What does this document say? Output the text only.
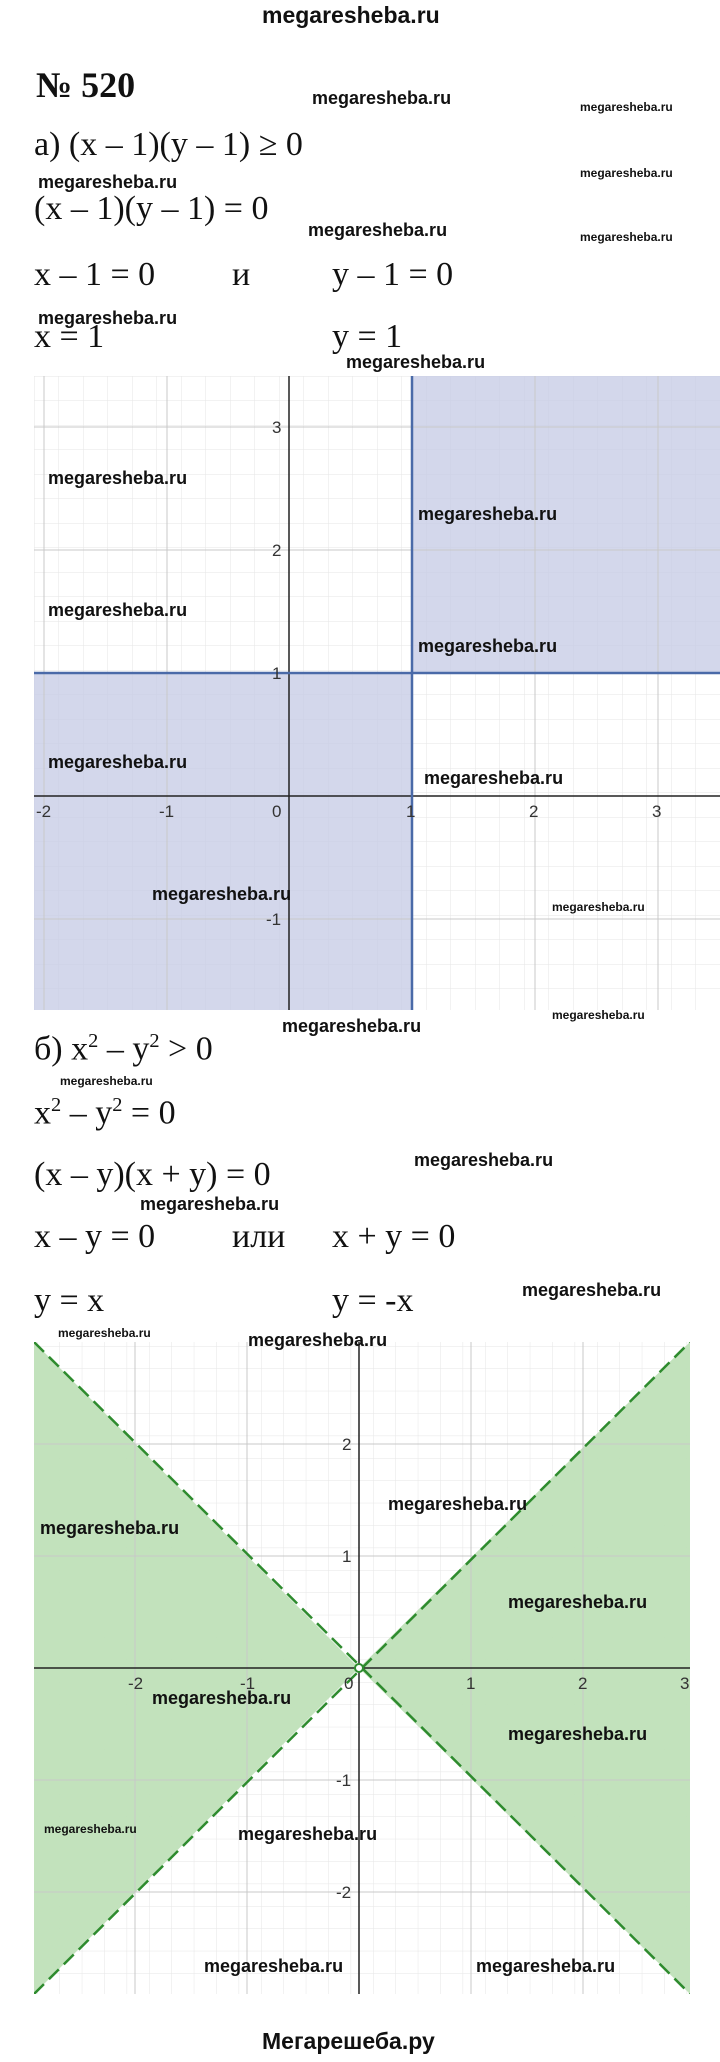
megaresheba.ru
№ 520
а) (x – 1)(y – 1) ≥ 0
(x – 1)(y – 1) = 0
x – 1 = 0 и y – 1 = 0
x = 1	y = 1
-2	-1	0	1	2	3
3
2
1
-1
б) $x^2 - y^2 > 0$
$x^2 - y^2 = 0$
(x – y)(x + y) = 0
x – y = 0 или x + y = 0
y = x	y = -x
-2	-1	0	1	2	3
2
1
-1
-2
megaresheba.ru	megaresheba.ru
megaresheba.ru	megaresheba.ru
megaresheba.ru	megaresheba.ru
megaresheba.ru
megaresheba.ru
megaresheba.ru
megaresheba.ru
megaresheba.ru
megaresheba.ru
megaresheba.ru
megaresheba.ru
megaresheba.ru
megaresheba.ru
megaresheba.ru
megaresheba.ru
megaresheba.ru
megaresheba.ru
megaresheba.ru
megaresheba.ru
megaresheba.ru	megaresheba.ru
megaresheba.ru
megaresheba.ru
megaresheba.ru
megaresheba.ru
megaresheba.ru
megaresheba.ru	megaresheba.ru
megaresheba.ru	megaresheba.ru
Мегарешеба.ру
